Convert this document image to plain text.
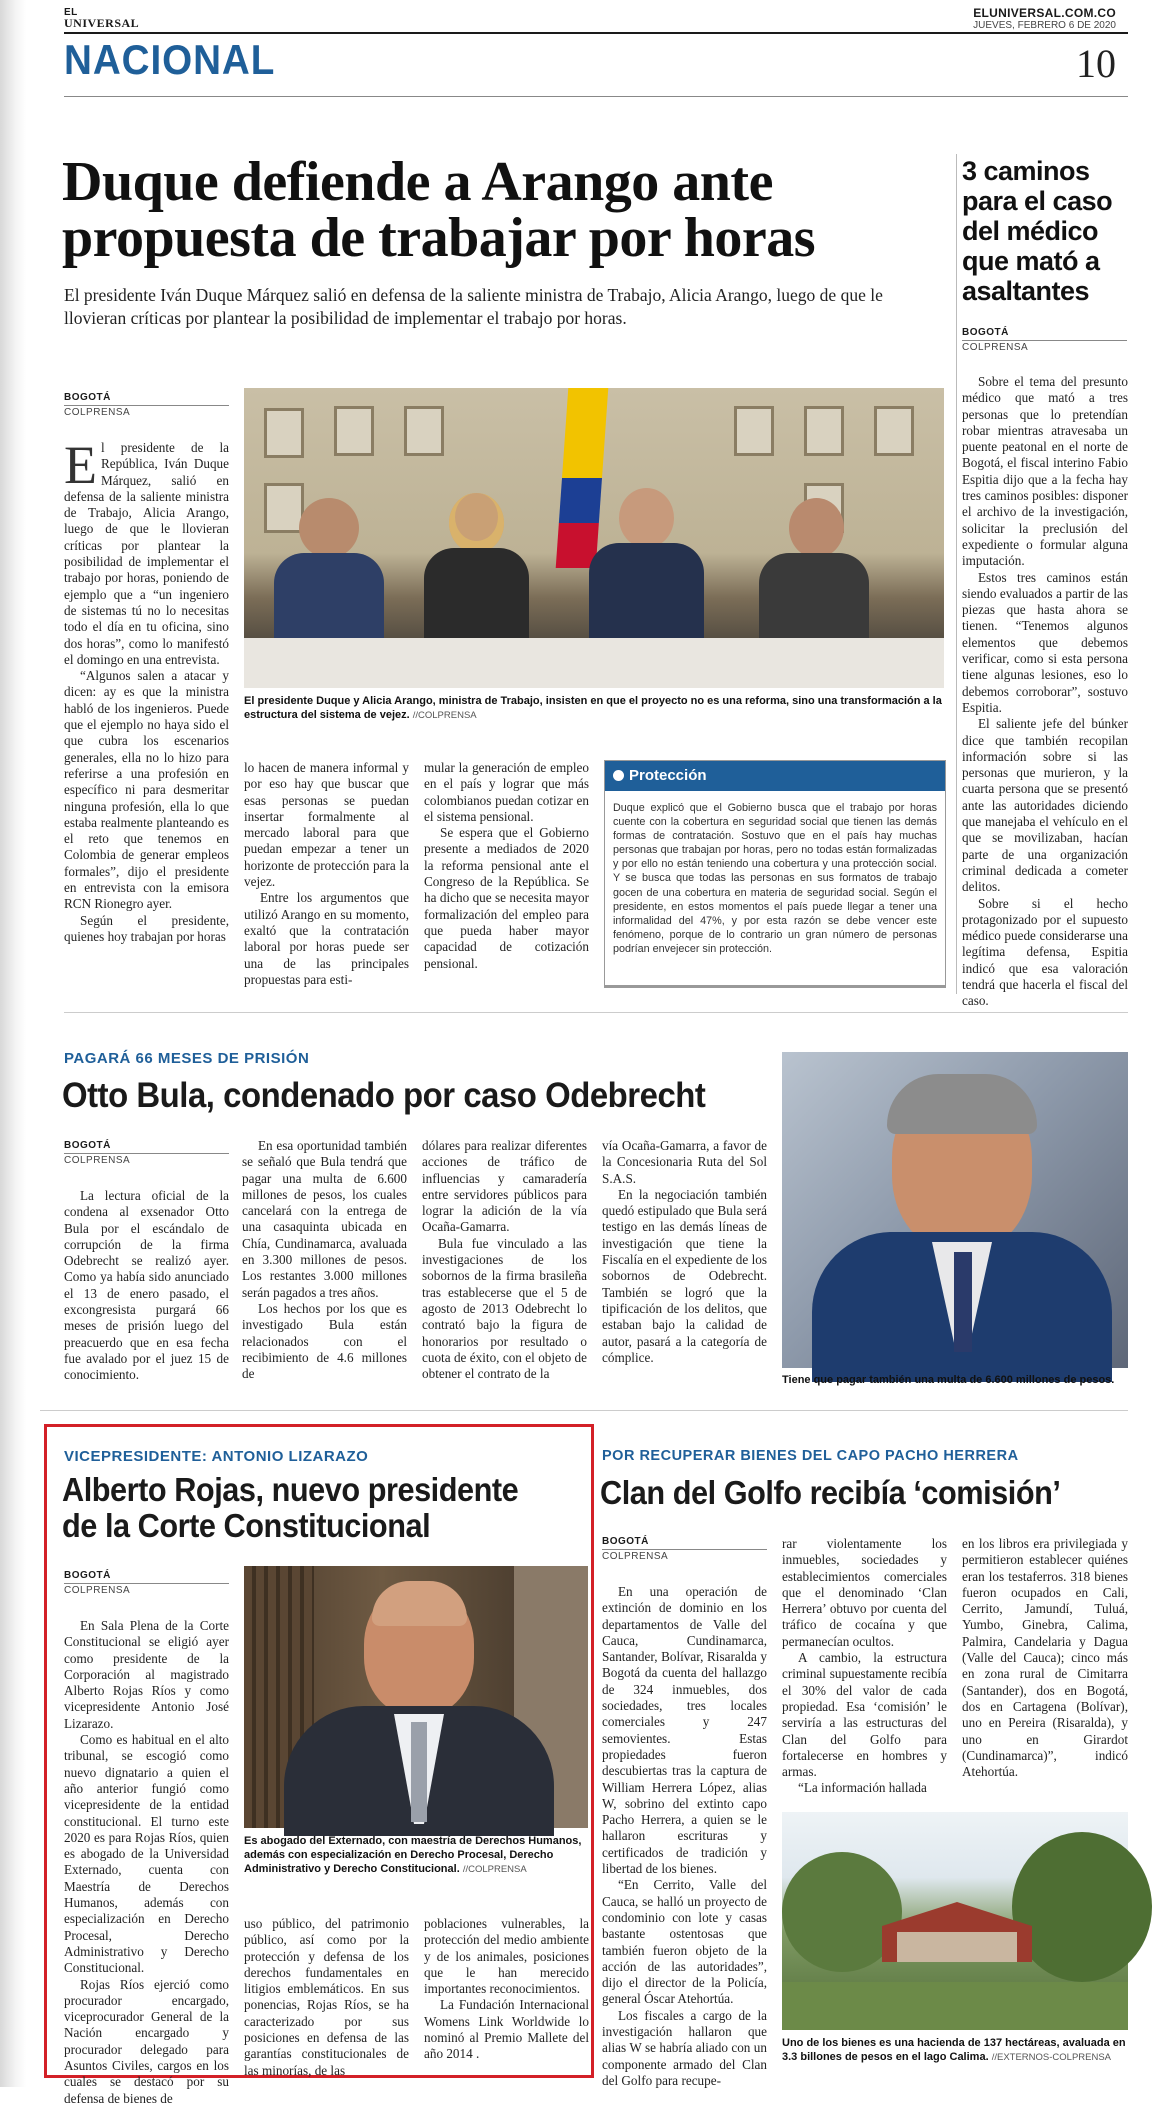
EL
UNIVERSAL
ELUNIVERSAL.COM.CO
JUEVES, FEBRERO 6 DE 2020
NACIONAL	10
Duque defiende a Arango ante propuesta de trabajar por horas
El presidente Iván Duque Márquez salió en defensa de la saliente ministra de Trabajo, Alicia Arango, luego de que le llovieran críticas por plantear la posibilidad de implementar el trabajo por horas.
BOGOTÁ
COLPRENSA

El presidente de la República, Iván Duque Márquez, salió en defensa de la saliente ministra de Trabajo, Alicia Arango, luego de que le llovieran críticas por plantear la posibilidad de implementar el trabajo por horas, poniendo de ejemplo que a “un ingeniero de sistemas tú no lo necesitas todo el día en tu oficina, sino dos horas”, como lo manifestó el domingo en una entrevista.

“Algunos salen a atacar y dicen: ay es que la ministra habló de los ingenieros. Puede que el ejemplo no haya sido el que cubra los escenarios generales, ella no lo hizo para referirse a una profesión en específico ni para desmeritar ninguna profesión, ella lo que estaba realmente planteando es el reto que tenemos en Colombia de generar empleos formales”, dijo el presidente en entrevista con la emisora RCN Rionegro ayer.

Según el presidente, quienes hoy trabajan por horas

El presidente Duque y Alicia Arango, ministra de Trabajo, insisten en que el proyecto no es una reforma, sino una transformación a la estructura del sistema de vejez. //COLPRENSA

lo hacen de manera informal y por eso hay que buscar que esas personas se puedan insertar formalmente al mercado laboral para que puedan empezar a tener un horizonte de protección para la vejez.

Entre los argumentos que utilizó Arango en su momento, exaltó que la contratación laboral por horas puede ser una de las principales propuestas para esti-

mular la generación de empleo en el país y lograr que más colombianos puedan cotizar en el sistema pensional.

Se espera que el Gobierno presente a mediados de 2020 la reforma pensional ante el Congreso de la República. Se ha dicho que se necesita mayor formalización del empleo para que pueda haber mayor capacidad de cotización pensional.

Protección
Duque explicó que el Gobierno busca que el trabajo por horas cuente con la cobertura en seguridad social que tienen las demás formas de contratación. Sostuvo que en el país hay muchas personas que trabajan por horas, pero no todas están formalizadas y por ello no están teniendo una cobertura y una protección social. Y se busca que todas las personas en sus formatos de trabajo gocen de una cobertura en materia de seguridad social. Según el presidente, en estos momentos el país puede llegar a tener una informalidad del 47%, y por esta razón se debe vencer este fenómeno, porque de lo contrario un gran número de personas podrían envejecer sin protección.
3 caminos para el caso del médico que mató a asaltantes
BOGOTÁ
COLPRENSA

Sobre el tema del presunto médico que mató a tres personas que lo pretendían robar mientras atravesaba un puente peatonal en el norte de Bogotá, el fiscal interino Fabio Espitia dijo que a la fecha hay tres caminos posibles: disponer el archivo de la investigación, solicitar la preclusión del expediente o formular alguna imputación.

Estos tres caminos están siendo evaluados a partir de las piezas que hasta ahora se tienen. “Tenemos algunos elementos que debemos verificar, como si esta persona tiene algunas lesiones, eso lo debemos corroborar”, sostuvo Espitia.

El saliente jefe del búnker dice que también recopilan información sobre si las personas que murieron, y la cuarta persona que se presentó ante las autoridades diciendo que manejaba el vehículo en el que se movilizaban, hacían parte de una organización criminal dedicada a cometer delitos.

Sobre si el hecho protagonizado por el supuesto médico puede considerarse una legítima defensa, Espitia indicó que esa valoración tendrá que hacerla el fiscal del caso.

PAGARÁ 66 MESES DE PRISIÓN
Otto Bula, condenado por caso Odebrecht
BOGOTÁ
COLPRENSA

La lectura oficial de la condena al exsenador Otto Bula por el escándalo de corrupción de la firma Odebrecht se realizó ayer. Como ya había sido anunciado el 13 de enero pasado, el excongresista purgará 66 meses de prisión luego del preacuerdo que en esa fecha fue avalado por el juez 15 de conocimiento.

En esa oportunidad también se señaló que Bula tendrá que pagar una multa de 6.600 millones de pesos, los cuales cancelará con la entrega de una casaquinta ubicada en Chía, Cundinamarca, avaluada en 3.300 millones de pesos. Los restantes 3.000 millones serán pagados a tres años.

Los hechos por los que es investigado Bula están relacionados con el recibimiento de 4.6 millones de

dólares para realizar diferentes acciones de tráfico de influencias y camaradería entre servidores públicos para lograr la adición de la vía Ocaña-Gamarra.

Bula fue vinculado a las investigaciones de los sobornos de la firma brasileña tras establecerse que el 5 de agosto de 2013 Odebrecht lo contrató bajo la figura de honorarios por resultado o cuota de éxito, con el objeto de obtener el contrato de la

vía Ocaña-Gamarra, a favor de la Concesionaria Ruta del Sol S.A.S.

En la negociación también quedó estipulado que Bula será testigo en las demás líneas de investigación que tiene la Fiscalía en el expediente de los sobornos de Odebrecht. También se logró que la tipificación de los delitos, que estaban bajo la calidad de autor, pasará a la categoría de cómplice.

Tiene que pagar también una multa de 6.600 millones de pesos.
VICEPRESIDENTE: ANTONIO LIZARAZO
Alberto Rojas, nuevo presidente de la Corte Constitucional
BOGOTÁ
COLPRENSA

En Sala Plena de la Corte Constitucional se eligió ayer como presidente de la Corporación al magistrado Alberto Rojas Ríos y como vicepresidente Antonio José Lizarazo.

Como es habitual en el alto tribunal, se escogió como nuevo dignatario a quien el año anterior fungió como vicepresidente de la entidad constitucional. El turno este 2020 es para Rojas Ríos, quien es abogado de la Universidad Externado, cuenta con Maestría de Derechos Humanos, además con especialización en Derecho Procesal, Derecho Administrativo y Derecho Constitucional.

Rojas Ríos ejerció como procurador encargado, viceprocurador General de la Nación encargado y procurador delegado para Asuntos Civiles, cargos en los cuales se destacó por su defensa de bienes de

Es abogado del Externado, con maestría de Derechos Humanos, además con especialización en Derecho Procesal, Derecho Administrativo y Derecho Constitucional. //COLPRENSA

uso público, del patrimonio público, así como por la protección y defensa de los derechos fundamentales en litigios emblemáticos. En sus ponencias, Rojas Ríos, se ha caracterizado por sus posiciones en defensa de las garantías constitucionales de las minorías, de las

poblaciones vulnerables, la protección del medio ambiente y de los animales, posiciones que le han merecido importantes reconocimientos.

La Fundación Internacional Womens Link Worldwide lo nominó al Premio Mallete del año 2014 .

POR RECUPERAR BIENES DEL CAPO PACHO HERRERA
Clan del Golfo recibía ‘comisión’
BOGOTÁ
COLPRENSA

En una operación de extinción de dominio en los departamentos de Valle del Cauca, Cundinamarca, Santander, Bolívar, Risaralda y Bogotá da cuenta del hallazgo de 324 inmuebles, dos sociedades, tres locales comerciales y 247 semovientes. Estas propiedades fueron descubiertas tras la captura de William Herrera López, alias W, sobrino del extinto capo Pacho Herrera, a quien se le hallaron escrituras y certificados de tradición y libertad de los bienes.

“En Cerrito, Valle del Cauca, se halló un proyecto de condominio con lote y casas bastante ostentosas que también fueron objeto de la acción de las autoridades”, dijo el director de la Policía, general Óscar Atehortúa.

Los fiscales a cargo de la investigación hallaron que alias W se habría aliado con un componente armado del Clan del Golfo para recupe-

rar violentamente los inmuebles, sociedades y establecimientos comerciales que el denominado ‘Clan Herrera’ obtuvo por cuenta del tráfico de cocaína y que permanecían ocultos.

A cambio, la estructura criminal supuestamente recibía el 30% del valor de cada propiedad. Esa ‘comisión’ le serviría a las estructuras del Clan del Golfo para fortalecerse en hombres y armas.

“La información hallada

en los libros era privilegiada y permitieron establecer quiénes eran los testaferros. 318 bienes fueron ocupados en Cali, Cerrito, Jamundí, Tuluá, Yumbo, Ginebra, Calima, Palmira, Candelaria y Dagua (Valle del Cauca); cinco más en zona rural de Cimitarra (Santander), dos en Bogotá, dos en Cartagena (Bolívar), uno en Pereira (Risaralda), y uno en Girardot (Cundinamarca)”, indicó Atehortúa.

Uno de los bienes es una hacienda de 137 hectáreas, avaluada en 3.3 billones de pesos en el lago Calima. //EXTERNOS-COLPRENSA
